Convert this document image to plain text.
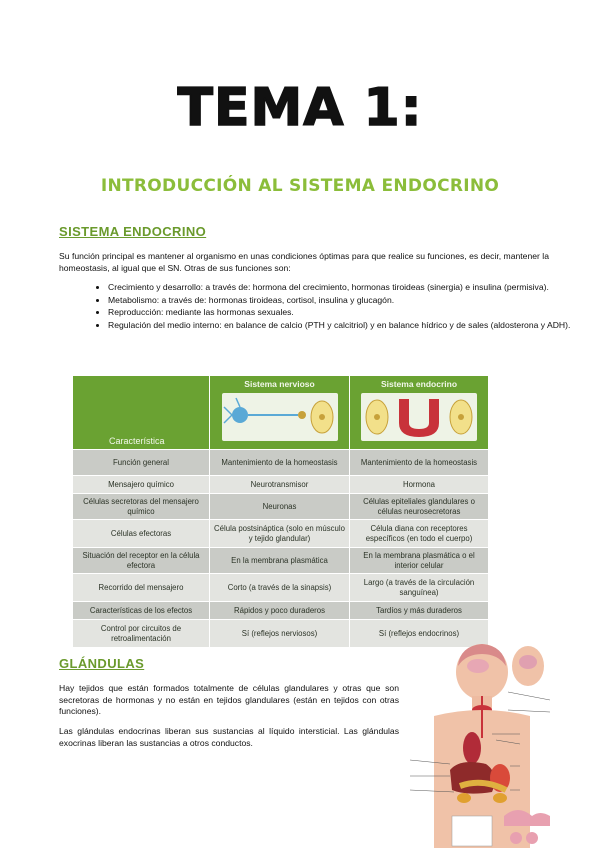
TEMA 1:
INTRODUCCIÓN AL SISTEMA ENDOCRINO
SISTEMA ENDOCRINO
Su función principal es mantener al organismo en unas condiciones óptimas para que realice su funciones, es decir, mantener la homeostasis, al igual que el SN. Otras de sus funciones son:
• Crecimiento y desarrollo: a través de: hormona del crecimiento, hormonas tiroideas (sinergia) e insulina (permisiva).
• Metabolismo: a través de: hormonas tiroideas, cortisol, insulina y glucagón.
• Reproducción: mediante las hormonas sexuales.
• Regulación del medio interno: en balance de calcio (PTH y calcitriol) y en balance hídrico y de sales (aldosterona y ADH).
Característica	Sistema nervioso	Sistema endocrino

Función general	Mantenimiento de la homeostasis	Mantenimiento de la homeostasis
Mensajero químico	Neurotransmisor	Hormona
Células secretoras del mensajero químico	Neuronas	Células epiteliales glandulares o células neurosecretoras
Células efectoras	Célula postsináptica (solo en músculo y tejido glandular)	Célula diana con receptores específicos (en todo el cuerpo)
Situación del receptor en la célula efectora	En la membrana plasmática	En la membrana plasmática o el interior celular
Recorrido del mensajero	Corto (a través de la sinapsis)	Largo (a través de la circulación sanguínea)
Características de los efectos	Rápidos y poco duraderos	Tardíos y más duraderos
Control por circuitos de retroalimentación	Sí (reflejos nerviosos)	Sí (reflejos endocrinos)
GLÁNDULAS
Hay tejidos que están formados totalmente de células glandulares y otras que son secretoras de hormonas y no están en tejidos glandulares (están en tejidos con otras funciones).
Las glándulas endocrinas liberan sus sustancias al líquido intersticial. Las glándulas exocrinas liberan las sustancias a otros conductos.
